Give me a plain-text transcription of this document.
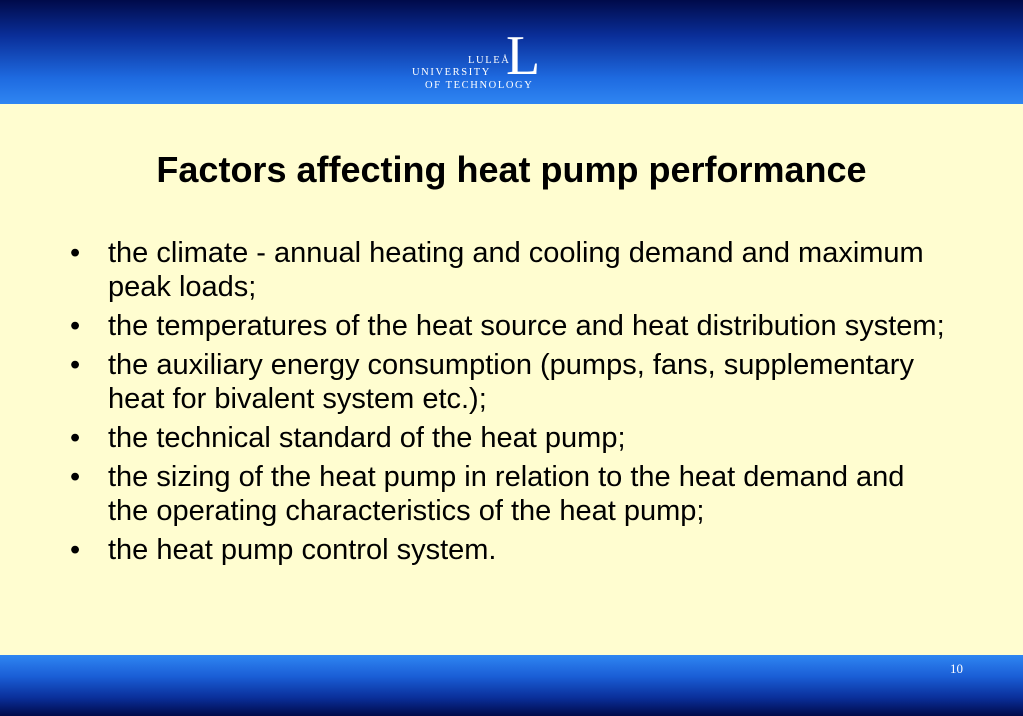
LULEÅ
UNIVERSITY
OF TECHNOLOGY
L
Factors affecting heat pump performance
• the climate - annual heating and cooling demand and maximum peak loads;
• the temperatures of the heat source and heat distribution system;
• the auxiliary energy consumption (pumps, fans, supplementary heat for bivalent system etc.);
• the technical standard of the heat pump;
• the sizing of the heat pump in relation to the heat demand and the operating characteristics of the heat pump;
• the heat pump control system.
10
